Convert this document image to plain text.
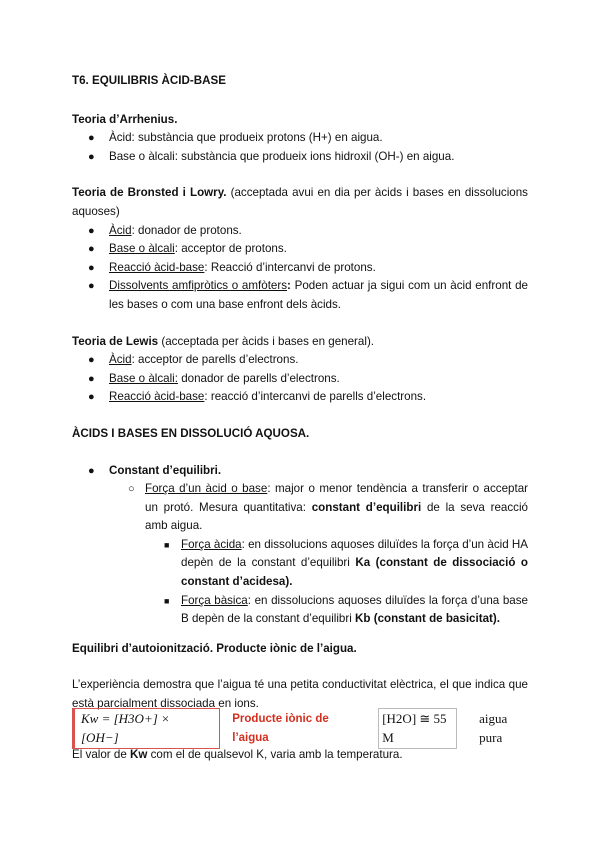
T6. EQUILIBRIS ÀCID-BASE

Teoria d’Arrhenius.
● Àcid: substància que produeix protons (H+) en aigua.
● Base o àlcali: substància que produeix ions hidroxil (OH-) en aigua.

Teoria de Bronsted i Lowry. (acceptada avui en dia per àcids i bases en dissolucions aquoses)

● Àcid: donador de protons.
● Base o àlcali: acceptor de protons.
● Reacció àcid-base: Reacció d’intercanvi de protons.
● Dissolvents amfipròtics o amfòters: Poden actuar ja sigui com un àcid enfront de les bases o com una base enfront dels àcids.

Teoria de Lewis (acceptada per àcids i bases en general).

● Àcid: acceptor de parells d’electrons.
● Base o àlcali: donador de parells d’electrons.
● Reacció àcid-base: reacció d’intercanvi de parells d’electrons.
ÀCIDS I BASES EN DISSOLUCIÓ AQUOSA.
● Constant d’equilibri.
○ Força d’un àcid o base: major o menor tendència a transferir o acceptar un protó. Mesura quantitativa: constant d’equilibri de la seva reacció amb aigua.
■ Força àcida: en dissolucions aquoses diluïdes la força d’un àcid HA depèn de la constant d’equilibri Ka (constant de dissociació o constant d’acidesa).
■ Força bàsica: en dissolucions aquoses diluïdes la força d’una base B depèn de la constant d’equilibri Kb (constant de basicitat).
Equilibri d’autoionització. Producte iònic de l’aigua.

L’experiència demostra que l’aigua té una petita conductivitat elèctrica, el que indica que està parcialment dissociada en ions.

Kw = [H3O+] × [OH−]
Producte iònic de l’aigua
[H2O] ≅ 55 M
aigua pura

El valor de Kw com el de qualsevol K, varia amb la temperatura.
